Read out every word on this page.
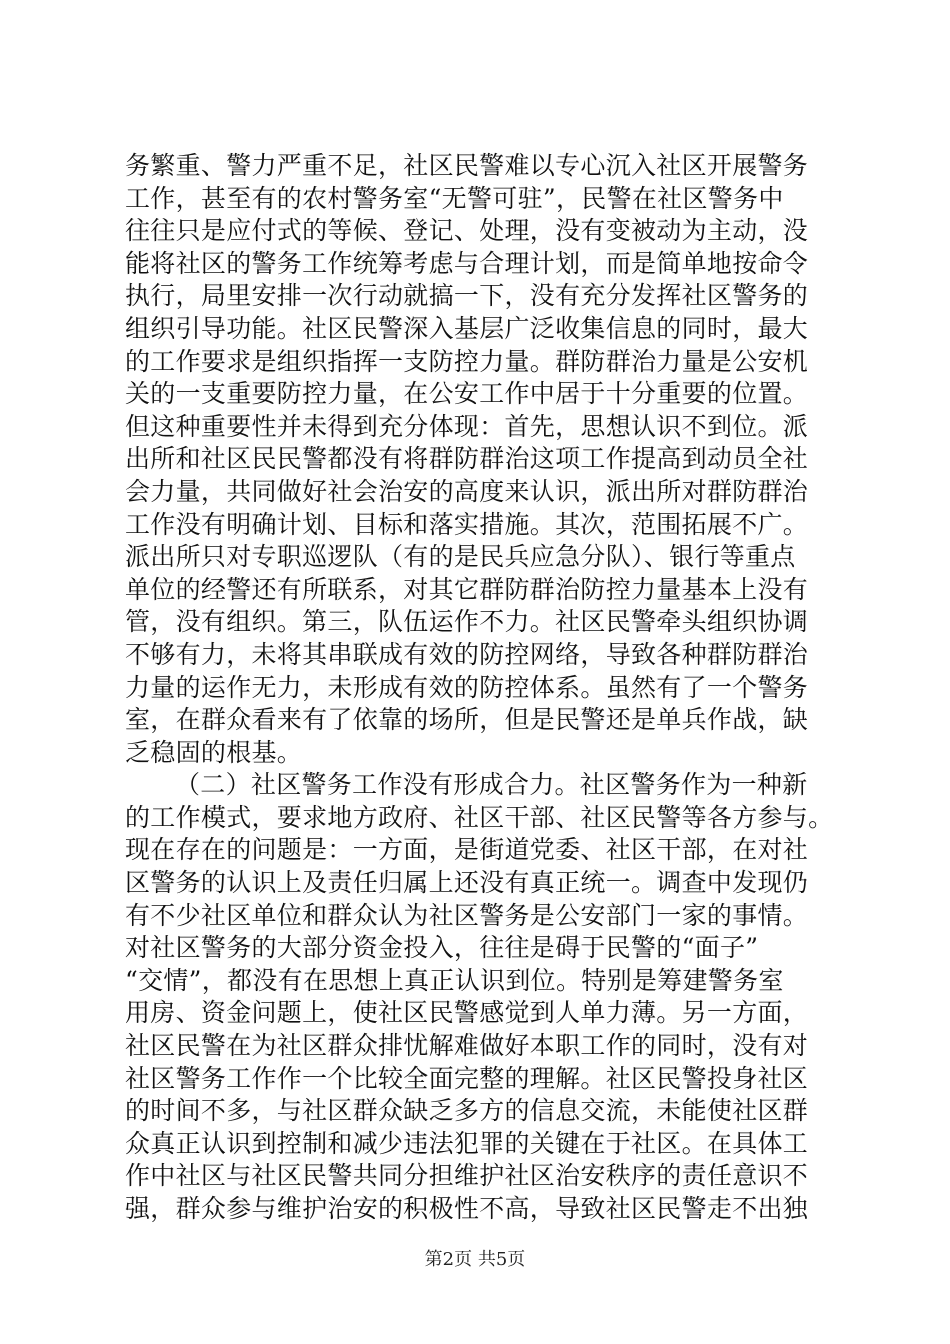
务繁重、警力严重不足，社区民警难以专心沉入社区开展警务
工作，甚至有的农村警务室“无警可驻”，民警在社区警务中
往往只是应付式的等候、登记、处理，没有变被动为主动，没
能将社区的警务工作统筹考虑与合理计划，而是简单地按命令
执行，局里安排一次行动就搞一下，没有充分发挥社区警务的
组织引导功能。社区民警深入基层广泛收集信息的同时，最大
的工作要求是组织指挥一支防控力量。群防群治力量是公安机
关的一支重要防控力量，在公安工作中居于十分重要的位置。
但这种重要性并未得到充分体现：首先，思想认识不到位。派
出所和社区民民警都没有将群防群治这项工作提高到动员全社
会力量，共同做好社会治安的高度来认识，派出所对群防群治
工作没有明确计划、目标和落实措施。其次，范围拓展不广。
派出所只对专职巡逻队（有的是民兵应急分队）、银行等重点
单位的经警还有所联系，对其它群防群治防控力量基本上没有
管，没有组织。第三，队伍运作不力。社区民警牵头组织协调
不够有力，未将其串联成有效的防控网络，导致各种群防群治
力量的运作无力，未形成有效的防控体系。虽然有了一个警务
室，在群众看来有了依靠的场所，但是民警还是单兵作战，缺
乏稳固的根基。
（二）社区警务工作没有形成合力。社区警务作为一种新
的工作模式，要求地方政府、社区干部、社区民警等各方参与。
现在存在的问题是：一方面，是街道党委、社区干部，在对社
区警务的认识上及责任归属上还没有真正统一。调查中发现仍
有不少社区单位和群众认为社区警务是公安部门一家的事情。
对社区警务的大部分资金投入，往往是碍于民警的“面子”
“交情”，都没有在思想上真正认识到位。特别是筹建警务室
用房、资金问题上，使社区民警感觉到人单力薄。另一方面，
社区民警在为社区群众排忧解难做好本职工作的同时，没有对
社区警务工作作一个比较全面完整的理解。社区民警投身社区
的时间不多，与社区群众缺乏多方的信息交流，未能使社区群
众真正认识到控制和减少违法犯罪的关键在于社区。在具体工
作中社区与社区民警共同分担维护社区治安秩序的责任意识不
强，群众参与维护治安的积极性不高，导致社区民警走不出独
第2页 共5页
